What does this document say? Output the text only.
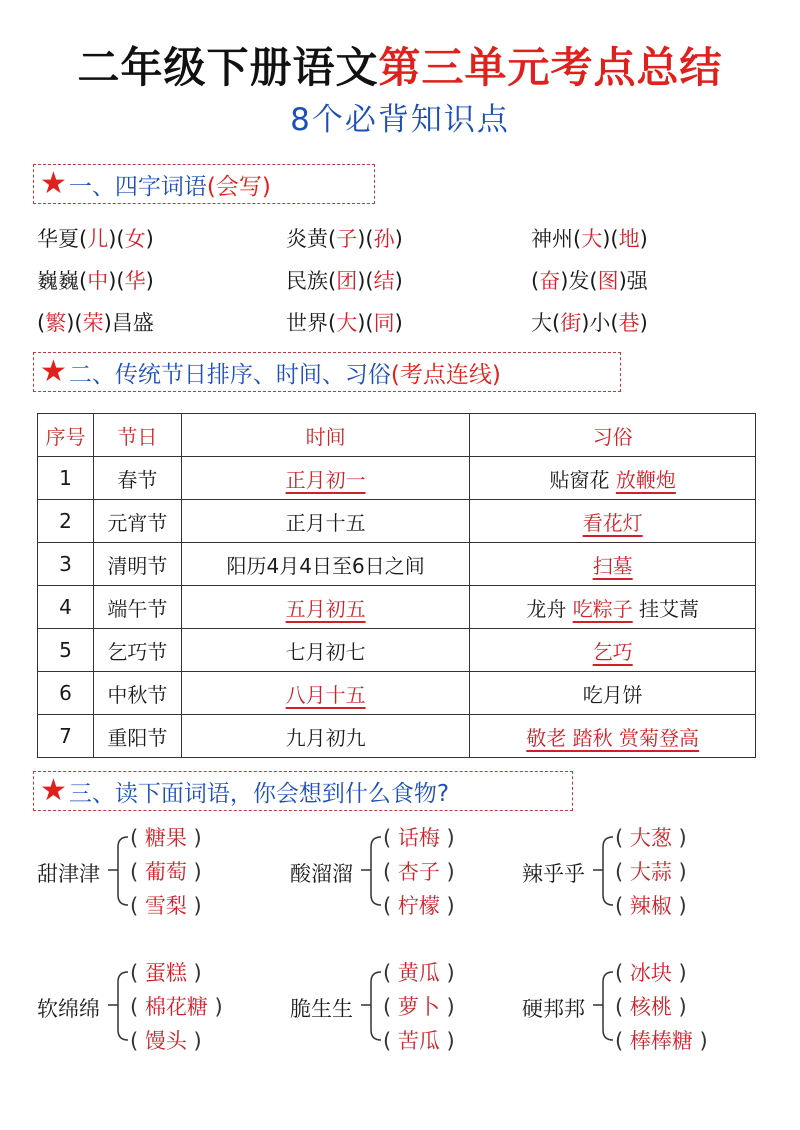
二年级下册语文第三单元考点总结
8个必背知识点
★ 一、四字词语 (会写)
华夏(儿)(女)	炎黄(子)(孙)	神州(大)(地)
巍巍(中)(华)	民族(团)(结)	(奋)发(图)强
(繁)(荣)昌盛	世界(大)(同)	大(街)小(巷)
★ 二、传统节日排序、时间、习俗 (考点连线)
序号	节日	时间	习俗
1	春节	正月初一	贴窗花 放鞭炮
2	元宵节	正月十五	看花灯
3	清明节	阳历4月4日至6日之间	扫墓
4	端午节	五月初五	龙舟 吃粽子 挂艾蒿
5	乞巧节	七月初七	乞巧
6	中秋节	八月十五	吃月饼
7	重阳节	九月初九	敬老 踏秋 赏菊登高
★ 三、读下面词语，你会想到什么食物?
甜津津
( 糖果 )
( 葡萄 )
( 雪梨 )
酸溜溜
( 话梅 )
( 杏子 )
( 柠檬 )
辣乎乎
( 大葱 )
( 大蒜 )
( 辣椒 )
软绵绵
( 蛋糕 )
( 棉花糖 )
( 馒头 )
脆生生
( 黄瓜 )
( 萝卜 )
( 苦瓜 )
硬邦邦
( 冰块 )
( 核桃 )
( 棒棒糖 )
